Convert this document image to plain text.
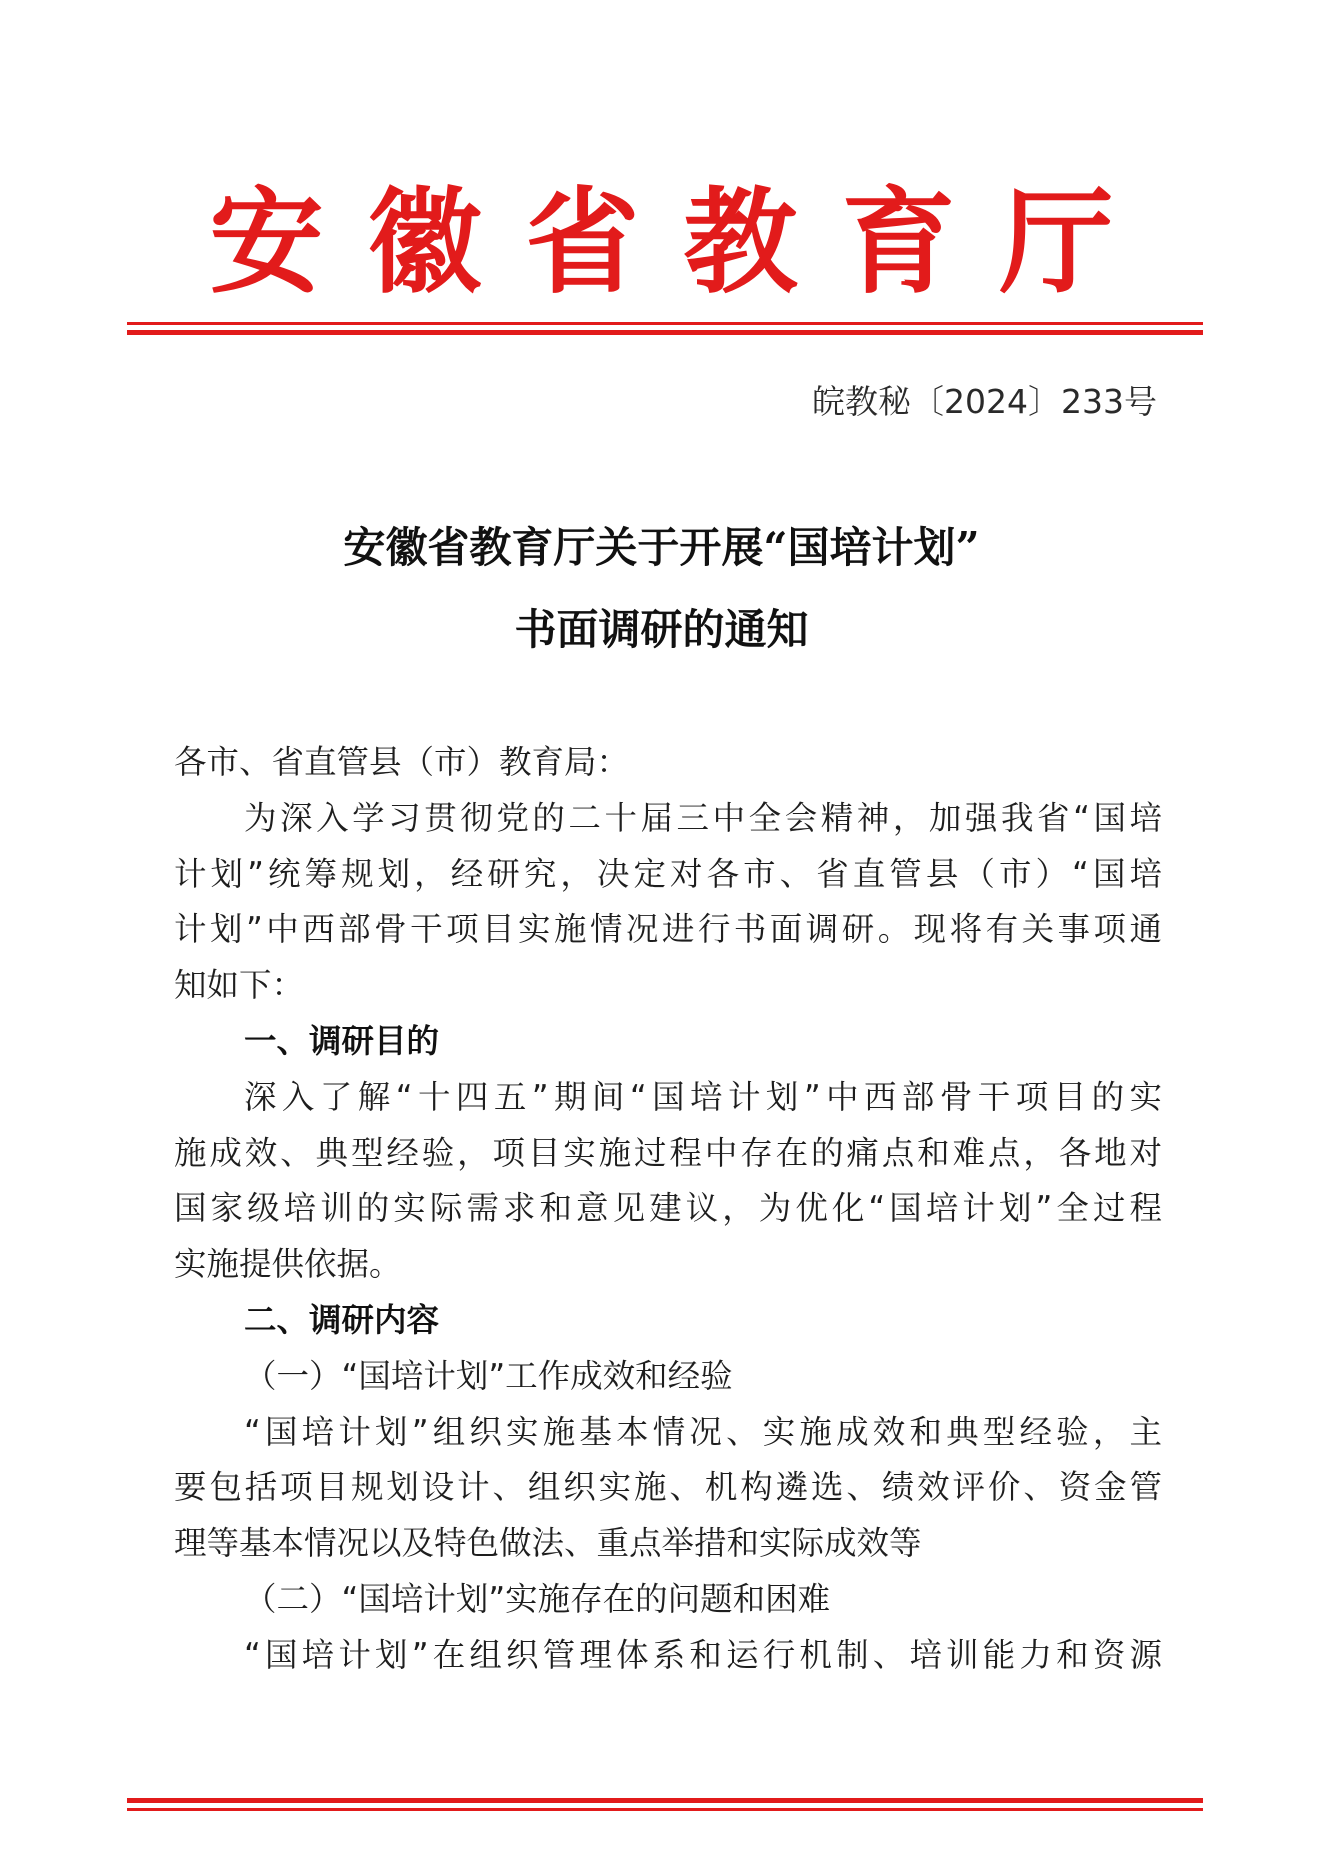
安徽省教育厅
皖教秘〔2024〕233号
安徽省教育厅关于开展“国培计划”
书面调研的通知
各市、省直管县（市）教育局：
为深入学习贯彻党的二十届三中全会精神，加强我省“国培
计划”统筹规划，经研究，决定对各市、省直管县（市）“国培
计划”中西部骨干项目实施情况进行书面调研。现将有关事项通
知如下：
一、调研目的
深入了解“十四五”期间“国培计划”中西部骨干项目的实
施成效、典型经验，项目实施过程中存在的痛点和难点，各地对
国家级培训的实际需求和意见建议，为优化“国培计划”全过程
实施提供依据。
二、调研内容
（一）“国培计划”工作成效和经验
“国培计划”组织实施基本情况、实施成效和典型经验，主
要包括项目规划设计、组织实施、机构遴选、绩效评价、资金管
理等基本情况以及特色做法、重点举措和实际成效等
（二）“国培计划”实施存在的问题和困难
“国培计划”在组织管理体系和运行机制、培训能力和资源
